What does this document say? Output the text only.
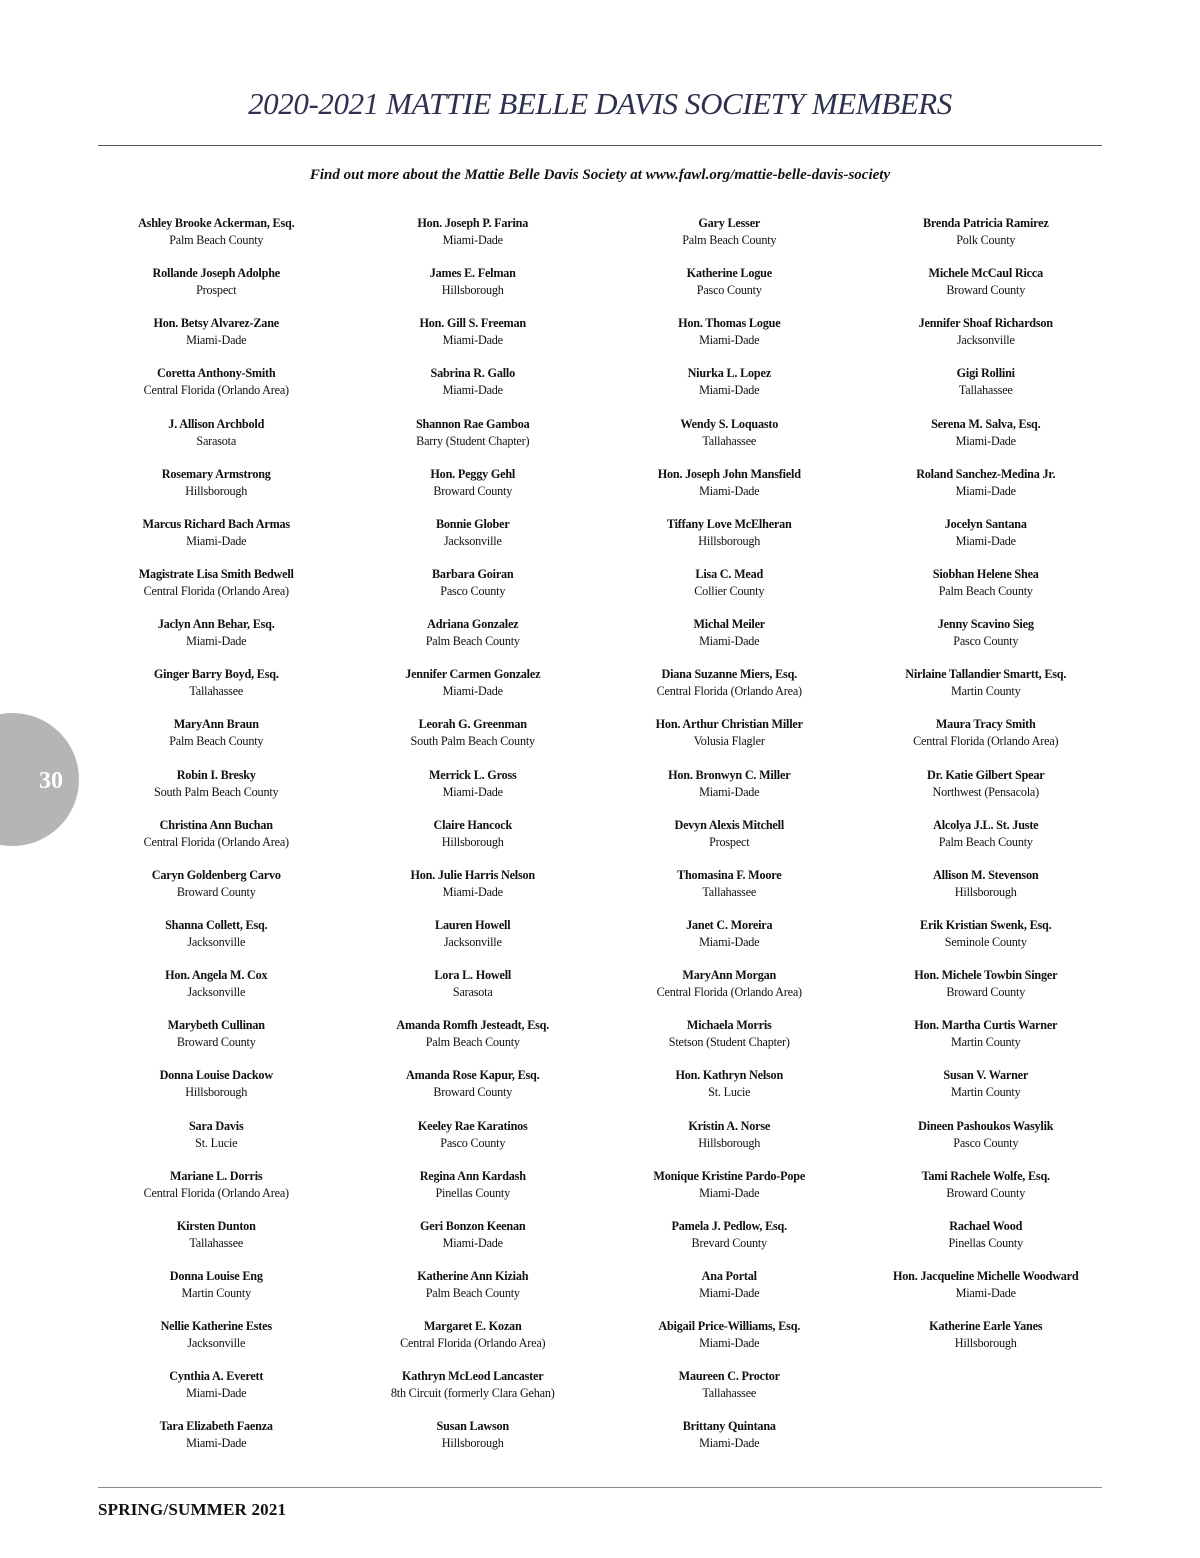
2020-2021 MATTIE BELLE DAVIS SOCIETY MEMBERS
Find out more about the Mattie Belle Davis Society at www.fawl.org/mattie-belle-davis-society
Ashley Brooke Ackerman, Esq.
Palm Beach County
Rollande Joseph Adolphe
Prospect
Hon. Betsy Alvarez-Zane
Miami-Dade
Coretta Anthony-Smith
Central Florida (Orlando Area)
J. Allison Archbold
Sarasota
Rosemary Armstrong
Hillsborough
Marcus Richard Bach Armas
Miami-Dade
Magistrate Lisa Smith Bedwell
Central Florida (Orlando Area)
Jaclyn Ann Behar, Esq.
Miami-Dade
Ginger Barry Boyd, Esq.
Tallahassee
MaryAnn Braun
Palm Beach County
Robin I. Bresky
South Palm Beach County
Christina Ann Buchan
Central Florida (Orlando Area)
Caryn Goldenberg Carvo
Broward County
Shanna Collett, Esq.
Jacksonville
Hon. Angela M. Cox
Jacksonville
Marybeth Cullinan
Broward County
Donna Louise Dackow
Hillsborough
Sara Davis
St. Lucie
Mariane L. Dorris
Central Florida (Orlando Area)
Kirsten Dunton
Tallahassee
Donna Louise Eng
Martin County
Nellie Katherine Estes
Jacksonville
Cynthia A. Everett
Miami-Dade
Tara Elizabeth Faenza
Miami-Dade
Hon. Joseph P. Farina
Miami-Dade
James E. Felman
Hillsborough
Hon. Gill S. Freeman
Miami-Dade
Sabrina R. Gallo
Miami-Dade
Shannon Rae Gamboa
Barry (Student Chapter)
Hon. Peggy Gehl
Broward County
Bonnie Glober
Jacksonville
Barbara Goiran
Pasco County
Adriana Gonzalez
Palm Beach County
Jennifer Carmen Gonzalez
Miami-Dade
Leorah G. Greenman
South Palm Beach County
Merrick L. Gross
Miami-Dade
Claire Hancock
Hillsborough
Hon. Julie Harris Nelson
Miami-Dade
Lauren Howell
Jacksonville
Lora L. Howell
Sarasota
Amanda Romfh Jesteadt, Esq.
Palm Beach County
Amanda Rose Kapur, Esq.
Broward County
Keeley Rae Karatinos
Pasco County
Regina Ann Kardash
Pinellas County
Geri Bonzon Keenan
Miami-Dade
Katherine Ann Kiziah
Palm Beach County
Margaret E. Kozan
Central Florida (Orlando Area)
Kathryn McLeod Lancaster
8th Circuit (formerly Clara Gehan)
Susan Lawson
Hillsborough
Gary Lesser
Palm Beach County
Katherine Logue
Pasco County
Hon. Thomas Logue
Miami-Dade
Niurka L. Lopez
Miami-Dade
Wendy S. Loquasto
Tallahassee
Hon. Joseph John Mansfield
Miami-Dade
Tiffany Love McElheran
Hillsborough
Lisa C. Mead
Collier County
Michal Meiler
Miami-Dade
Diana Suzanne Miers, Esq.
Central Florida (Orlando Area)
Hon. Arthur Christian Miller
Volusia Flagler
Hon. Bronwyn C. Miller
Miami-Dade
Devyn Alexis Mitchell
Prospect
Thomasina F. Moore
Tallahassee
Janet C. Moreira
Miami-Dade
MaryAnn Morgan
Central Florida (Orlando Area)
Michaela Morris
Stetson (Student Chapter)
Hon. Kathryn Nelson
St. Lucie
Kristin A. Norse
Hillsborough
Monique Kristine Pardo-Pope
Miami-Dade
Pamela J. Pedlow, Esq.
Brevard County
Ana Portal
Miami-Dade
Abigail Price-Williams, Esq.
Miami-Dade
Maureen C. Proctor
Tallahassee
Brittany Quintana
Miami-Dade
Brenda Patricia Ramirez
Polk County
Michele McCaul Ricca
Broward County
Jennifer Shoaf Richardson
Jacksonville
Gigi Rollini
Tallahassee
Serena M. Salva, Esq.
Miami-Dade
Roland Sanchez-Medina Jr.
Miami-Dade
Jocelyn Santana
Miami-Dade
Siobhan Helene Shea
Palm Beach County
Jenny Scavino Sieg
Pasco County
Nirlaine Tallandier Smartt, Esq.
Martin County
Maura Tracy Smith
Central Florida (Orlando Area)
Dr. Katie Gilbert Spear
Northwest (Pensacola)
Alcolya J.L. St. Juste
Palm Beach County
Allison M. Stevenson
Hillsborough
Erik Kristian Swenk, Esq.
Seminole County
Hon. Michele Towbin Singer
Broward County
Hon. Martha Curtis Warner
Martin County
Susan V. Warner
Martin County
Dineen Pashoukos Wasylik
Pasco County
Tami Rachele Wolfe, Esq.
Broward County
Rachael Wood
Pinellas County
Hon. Jacqueline Michelle Woodward
Miami-Dade
Katherine Earle Yanes
Hillsborough
30
SPRING/SUMMER 2021
